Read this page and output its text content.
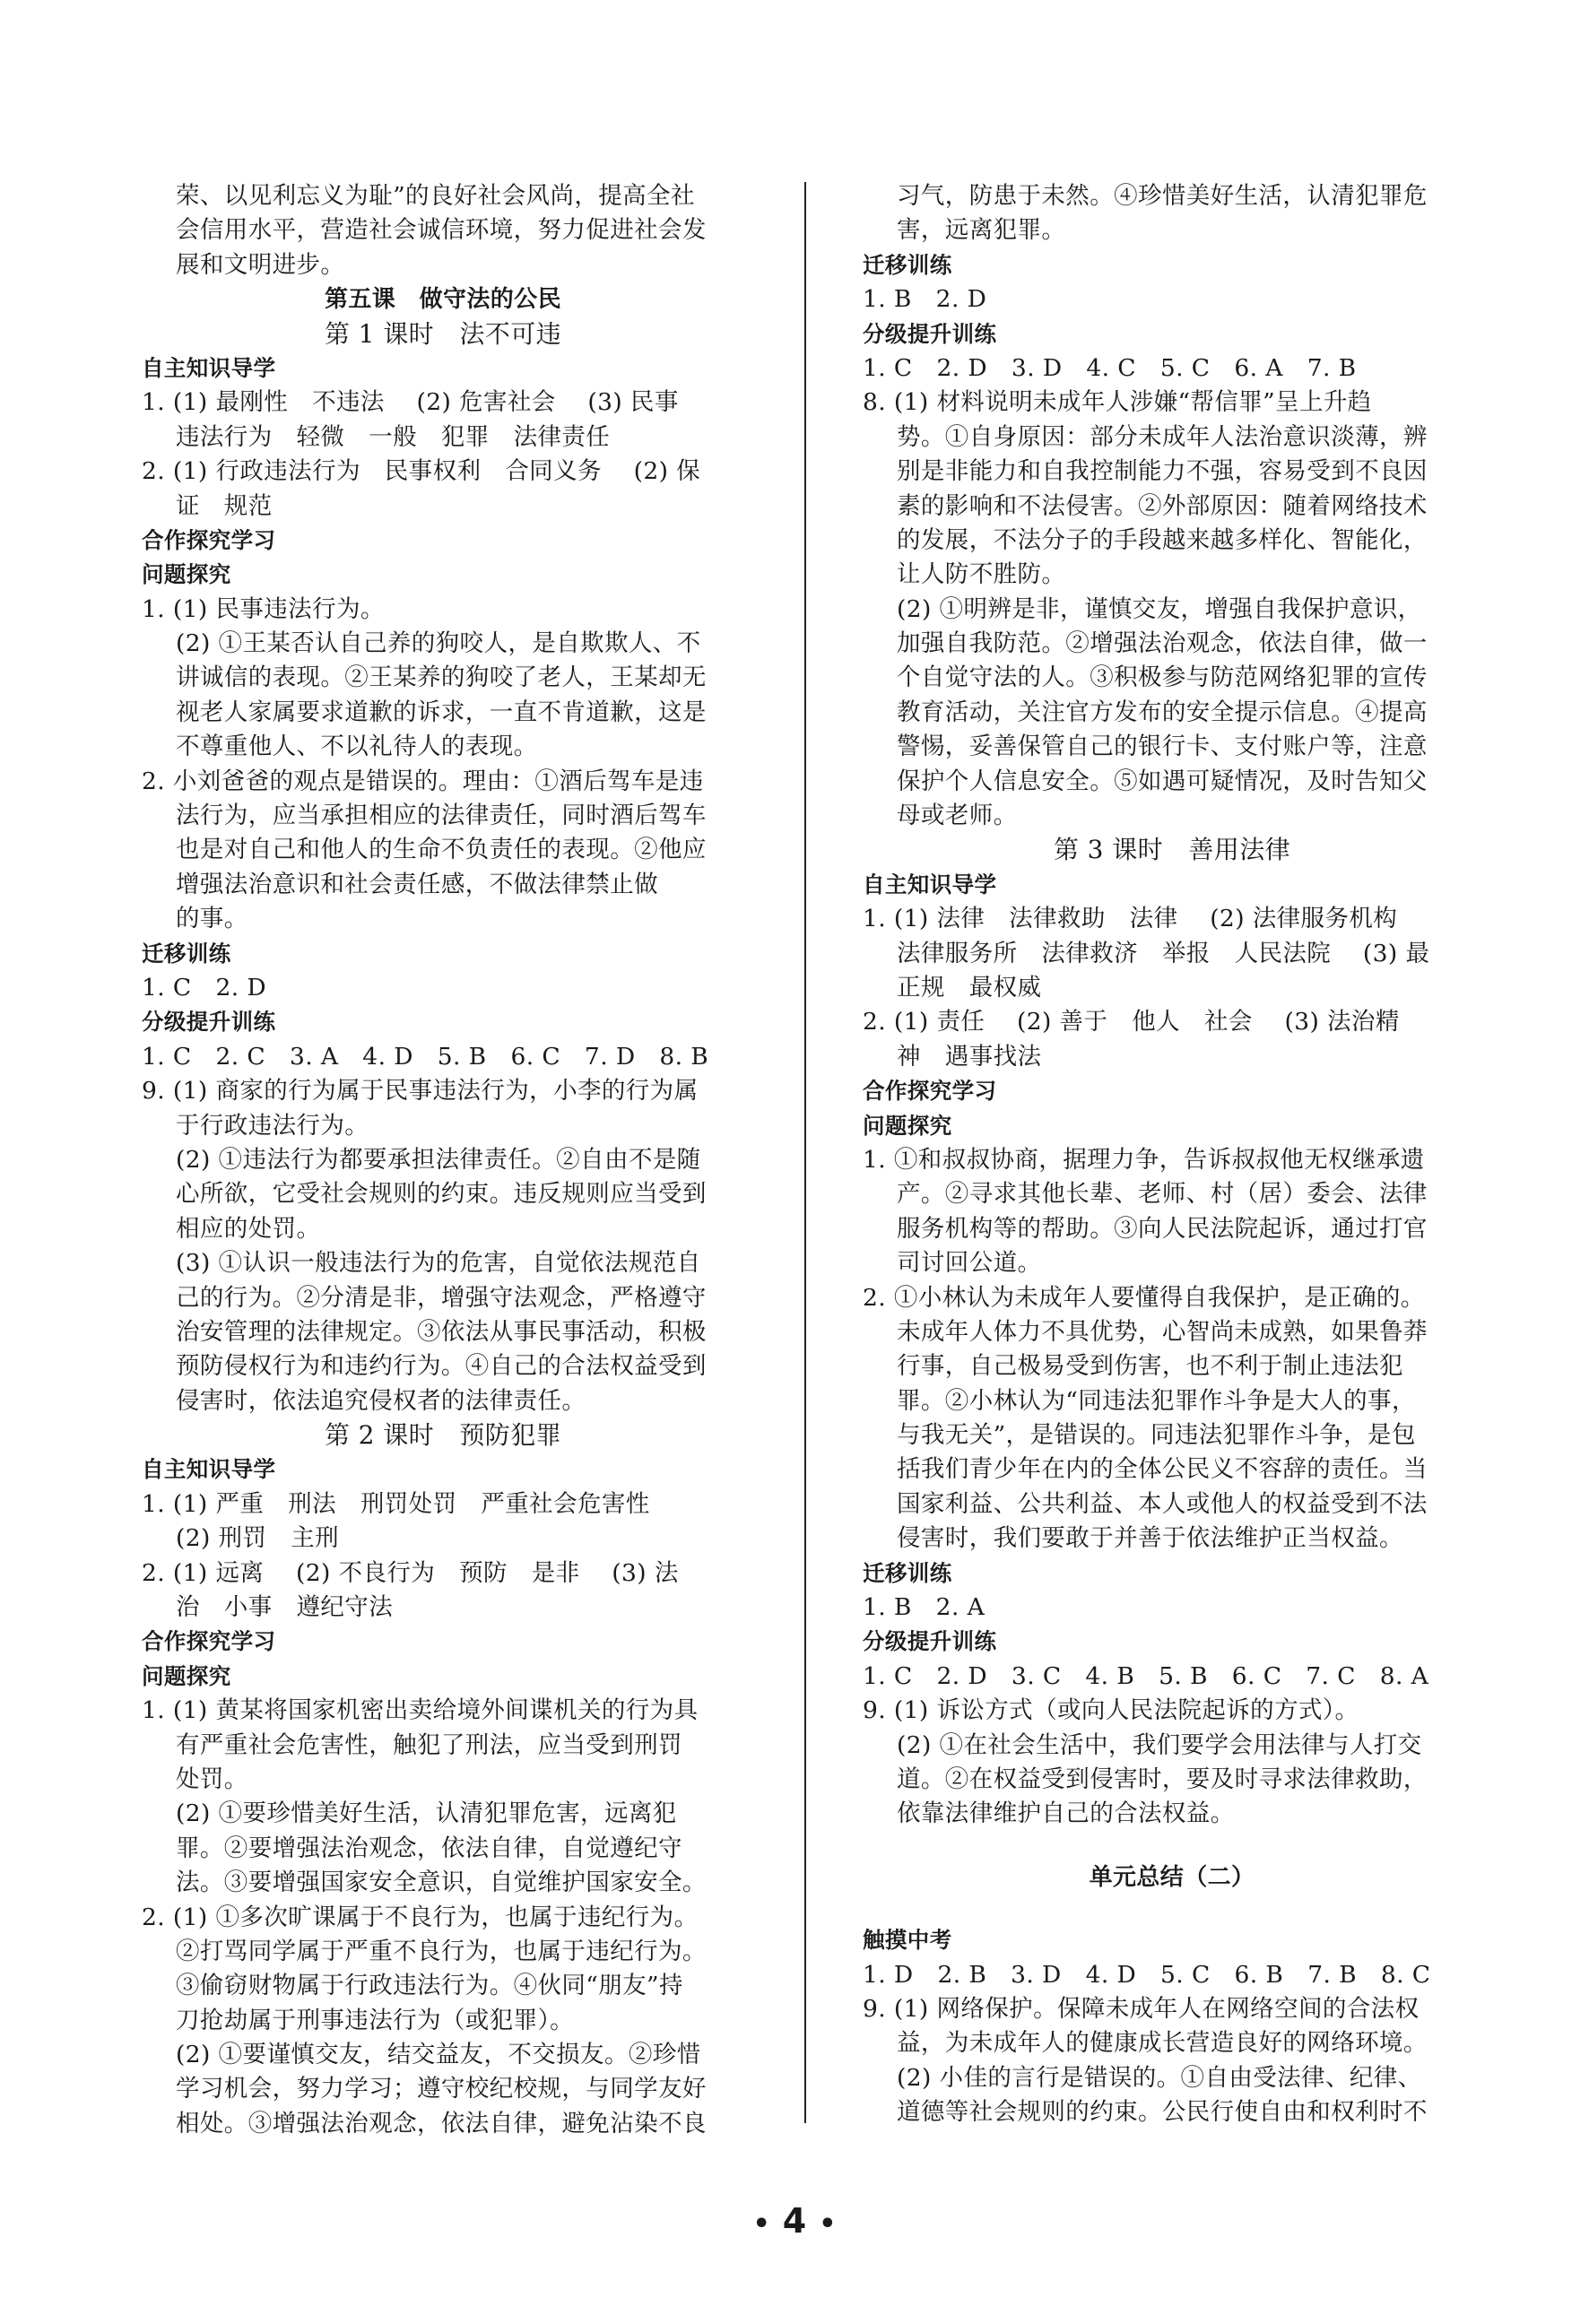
荣、以见利忘义为耻”的良好社会风尚，提高全社
会信用水平，营造社会诚信环境，努力促进社会发
展和文明进步。
第五课　做守法的公民
第 1 课时　法不可违
自主知识导学
1. (1) 最刚性　不违法　 (2) 危害社会　 (3) 民事
违法行为　轻微　一般　犯罪　法律责任
2. (1) 行政违法行为　民事权利　合同义务　 (2) 保
证　规范
合作探究学习
问题探究
1. (1) 民事违法行为。
(2) ①王某否认自己养的狗咬人，是自欺欺人、不
讲诚信的表现。②王某养的狗咬了老人，王某却无
视老人家属要求道歉的诉求，一直不肯道歉，这是
不尊重他人、不以礼待人的表现。
2. 小刘爸爸的观点是错误的。理由：①酒后驾车是违
法行为，应当承担相应的法律责任，同时酒后驾车
也是对自己和他人的生命不负责任的表现。②他应
增强法治意识和社会责任感，不做法律禁止做
的事。
迁移训练
1. C　2. D
分级提升训练
1. C　2. C　3. A　4. D　5. B　6. C　7. D　8. B
9. (1) 商家的行为属于民事违法行为，小李的行为属
于行政违法行为。
(2) ①违法行为都要承担法律责任。②自由不是随
心所欲，它受社会规则的约束。违反规则应当受到
相应的处罚。
(3) ①认识一般违法行为的危害，自觉依法规范自
己的行为。②分清是非，增强守法观念，严格遵守
治安管理的法律规定。③依法从事民事活动，积极
预防侵权行为和违约行为。④自己的合法权益受到
侵害时，依法追究侵权者的法律责任。
第 2 课时　预防犯罪
自主知识导学
1. (1) 严重　刑法　刑罚处罚　严重社会危害性
(2) 刑罚　主刑
2. (1) 远离　 (2) 不良行为　预防　是非　 (3) 法
治　小事　遵纪守法
合作探究学习
问题探究
1. (1) 黄某将国家机密出卖给境外间谍机关的行为具
有严重社会危害性，触犯了刑法，应当受到刑罚
处罚。
(2) ①要珍惜美好生活，认清犯罪危害，远离犯
罪。②要增强法治观念，依法自律，自觉遵纪守
法。③要增强国家安全意识，自觉维护国家安全。
2. (1) ①多次旷课属于不良行为，也属于违纪行为。
②打骂同学属于严重不良行为，也属于违纪行为。
③偷窃财物属于行政违法行为。④伙同“朋友”持
刀抢劫属于刑事违法行为（或犯罪）。
(2) ①要谨慎交友，结交益友，不交损友。②珍惜
学习机会，努力学习；遵守校纪校规，与同学友好
相处。③增强法治观念，依法自律，避免沾染不良
习气，防患于未然。④珍惜美好生活，认清犯罪危
害，远离犯罪。
迁移训练
1. B　2. D
分级提升训练
1. C　2. D　3. D　4. C　5. C　6. A　7. B
8. (1) 材料说明未成年人涉嫌“帮信罪”呈上升趋
势。①自身原因：部分未成年人法治意识淡薄，辨
别是非能力和自我控制能力不强，容易受到不良因
素的影响和不法侵害。②外部原因：随着网络技术
的发展，不法分子的手段越来越多样化、智能化，
让人防不胜防。
(2) ①明辨是非，谨慎交友，增强自我保护意识，
加强自我防范。②增强法治观念，依法自律，做一
个自觉守法的人。③积极参与防范网络犯罪的宣传
教育活动，关注官方发布的安全提示信息。④提高
警惕，妥善保管自己的银行卡、支付账户等，注意
保护个人信息安全。⑤如遇可疑情况，及时告知父
母或老师。
第 3 课时　善用法律
自主知识导学
1. (1) 法律　法律救助　法律　 (2) 法律服务机构
法律服务所　法律救济　举报　人民法院　 (3) 最
正规　最权威
2. (1) 责任　 (2) 善于　他人　社会　 (3) 法治精
神　遇事找法
合作探究学习
问题探究
1. ①和叔叔协商，据理力争，告诉叔叔他无权继承遗
产。②寻求其他长辈、老师、村（居）委会、法律
服务机构等的帮助。③向人民法院起诉，通过打官
司讨回公道。
2. ①小林认为未成年人要懂得自我保护，是正确的。
未成年人体力不具优势，心智尚未成熟，如果鲁莽
行事，自己极易受到伤害，也不利于制止违法犯
罪。②小林认为“同违法犯罪作斗争是大人的事，
与我无关”，是错误的。同违法犯罪作斗争，是包
括我们青少年在内的全体公民义不容辞的责任。当
国家利益、公共利益、本人或他人的权益受到不法
侵害时，我们要敢于并善于依法维护正当权益。
迁移训练
1. B　2. A
分级提升训练
1. C　2. D　3. C　4. B　5. B　6. C　7. C　8. A
9. (1) 诉讼方式（或向人民法院起诉的方式）。
(2) ①在社会生活中，我们要学会用法律与人打交
道。②在权益受到侵害时，要及时寻求法律救助，
依靠法律维护自己的合法权益。
单元总结（二）
触摸中考
1. D　2. B　3. D　4. D　5. C　6. B　7. B　8. C
9. (1) 网络保护。保障未成年人在网络空间的合法权
益，为未成年人的健康成长营造良好的网络环境。
(2) 小佳的言行是错误的。①自由受法律、纪律、
道德等社会规则的约束。公民行使自由和权利时不
• 4 •
